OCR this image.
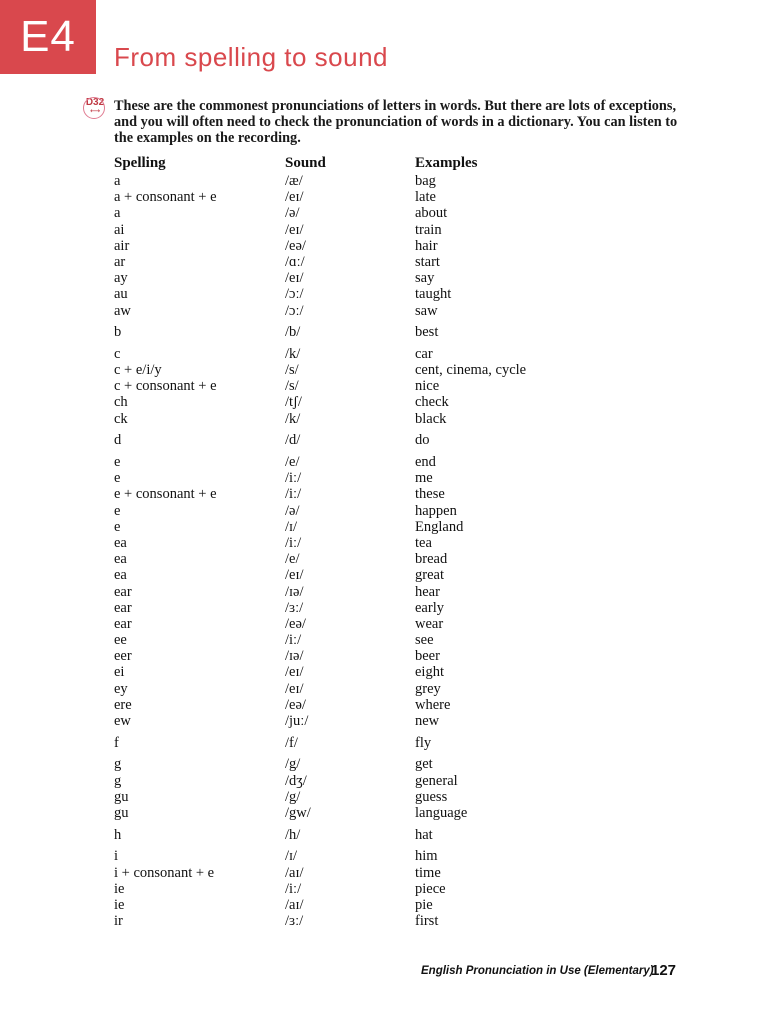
E4	From spelling to sound
D32
⟷ These are the commonest pronunciations of letters in words. But there are lots of exceptions, and you will often need to check the pronunciation of words in a dictionary. You can listen to the examples on the recording.
Spelling	Sound	Examples
a	/æ/	bag
a + consonant + e	/eɪ/	late
a	/ə/	about
ai	/eɪ/	train
air	/eə/	hair
ar	/ɑː/	start
ay	/eɪ/	say
au	/ɔː/	taught
aw	/ɔː/	saw
b	/b/	best
c	/k/	car
c + e/i/y	/s/	cent, cinema, cycle
c + consonant + e	/s/	nice
ch	/tʃ/	check
ck	/k/	black
d	/d/	do
e	/e/	end
e	/iː/	me
e + consonant + e	/iː/	these
e	/ə/	happen
e	/ɪ/	England
ea	/iː/	tea
ea	/e/	bread
ea	/eɪ/	great
ear	/ɪə/	hear
ear	/ɜː/	early
ear	/eə/	wear
ee	/iː/	see
eer	/ɪə/	beer
ei	/eɪ/	eight
ey	/eɪ/	grey
ere	/eə/	where
ew	/juː/	new
f	/f/	fly
g	/g/	get
g	/dʒ/	general
gu	/g/	guess
gu	/gw/	language
h	/h/	hat
i	/ɪ/	him
i + consonant + e	/aɪ/	time
ie	/iː/	piece
ie	/aɪ/	pie
ir	/ɜː/	first
English Pronunciation in Use (Elementary)
127
